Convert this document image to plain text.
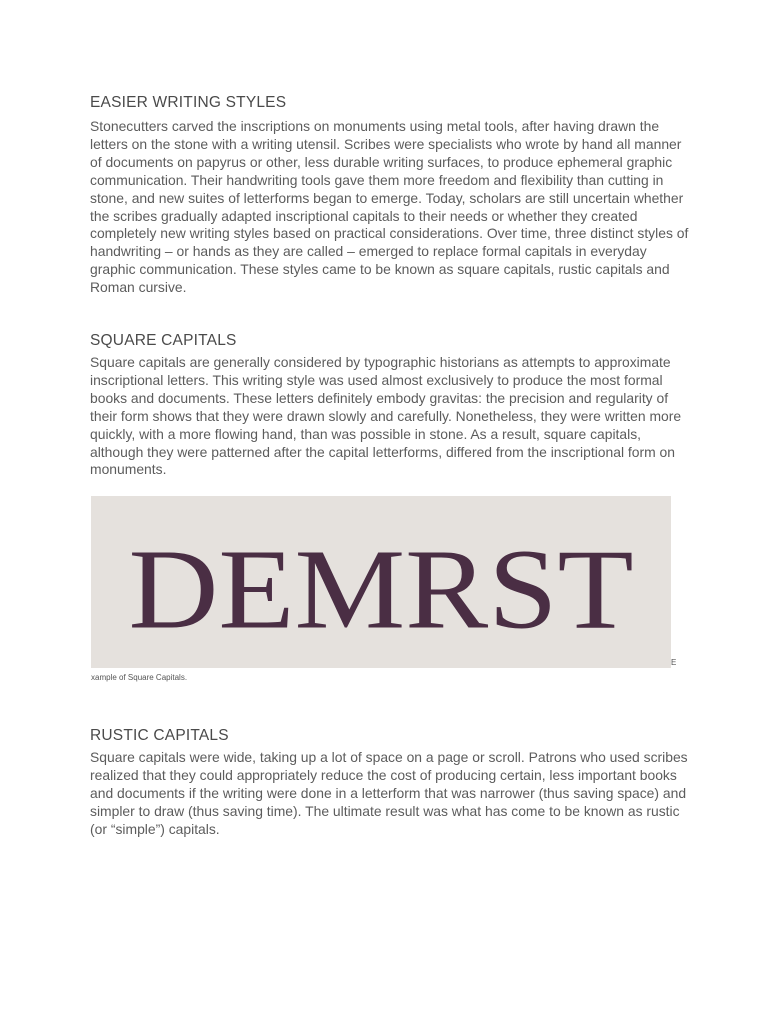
EASIER WRITING STYLES

Stonecutters carved the inscriptions on monuments using metal tools, after having drawn the letters on the stone with a writing utensil. Scribes were specialists who wrote by hand all manner of documents on papyrus or other, less durable writing surfaces, to produce ephemeral graphic communication. Their handwriting tools gave them more freedom and flexibility than cutting in stone, and new suites of letterforms began to emerge. Today, scholars are still uncertain whether the scribes gradually adapted inscriptional capitals to their needs or whether they created completely new writing styles based on practical considerations. Over time, three distinct styles of handwriting – or hands as they are called – emerged to replace formal capitals in everyday graphic communication. These styles came to be known as square capitals, rustic capitals and Roman cursive.

SQUARE CAPITALS

Square capitals are generally considered by typographic historians as attempts to approximate inscriptional letters. This writing style was used almost exclusively to produce the most formal books and documents. These letters definitely embody gravitas: the precision and regularity of their form shows that they were drawn slowly and carefully. Nonetheless, they were written more quickly, with a more flowing hand, than was possible in stone. As a result, square capitals, although they were patterned after the capital letterforms, differed from the inscriptional form on monuments.

DEMRST
E
xample of Square Capitals.
RUSTIC CAPITALS

Square capitals were wide, taking up a lot of space on a page or scroll. Patrons who used scribes realized that they could appropriately reduce the cost of producing certain, less important books and documents if the writing were done in a letterform that was narrower (thus saving space) and simpler to draw (thus saving time). The ultimate result was what has come to be known as rustic (or “simple”) capitals.
